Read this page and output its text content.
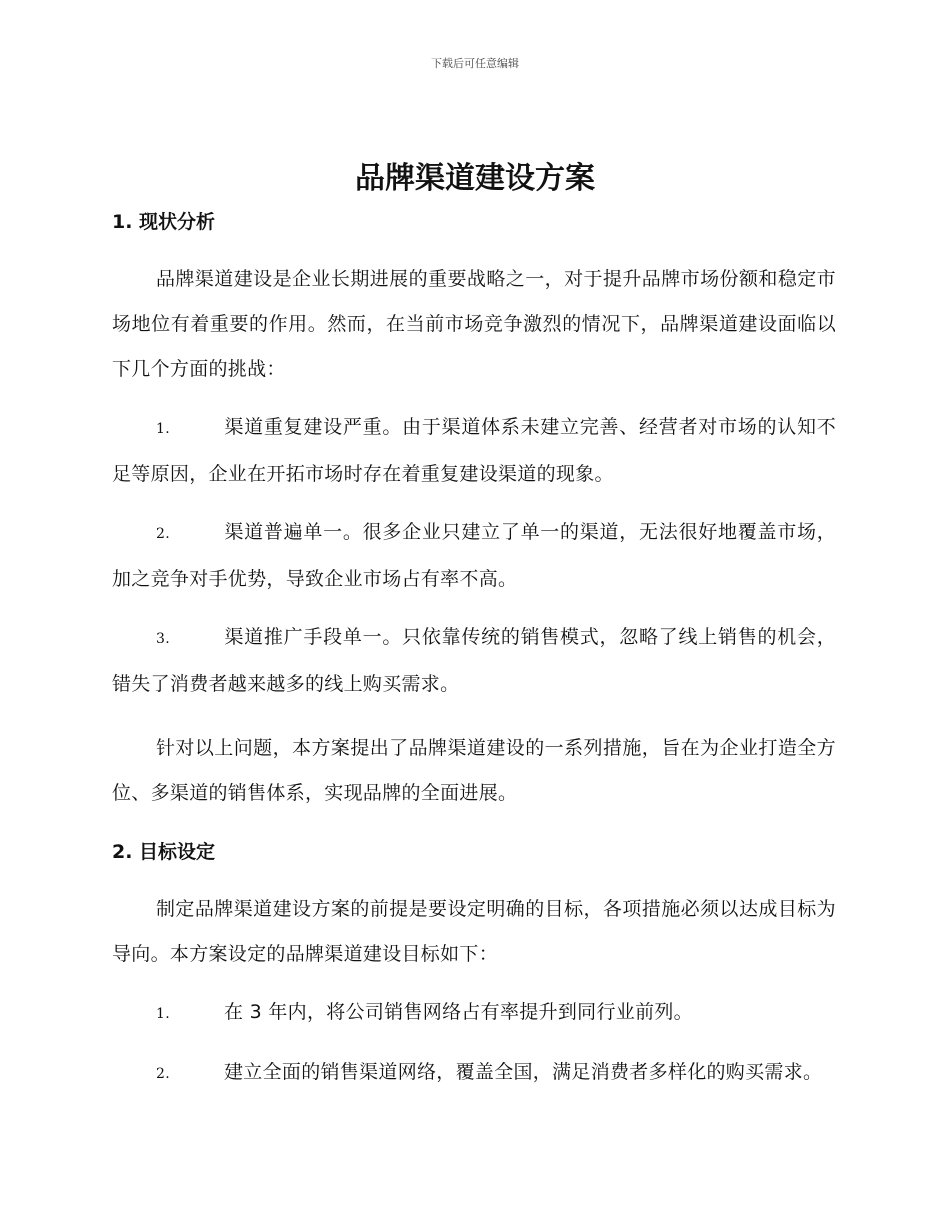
下载后可任意编辑
品牌渠道建设方案
1. 现状分析

品牌渠道建设是企业长期进展的重要战略之一，对于提升品牌市场份额和稳定市场地位有着重要的作用。然而，在当前市场竞争激烈的情况下，品牌渠道建设面临以下几个方面的挑战：

1.	渠道重复建设严重。由于渠道体系未建立完善、经营者对市场的认知不足等原因，企业在开拓市场时存在着重复建设渠道的现象。
2.	渠道普遍单一。很多企业只建立了单一的渠道，无法很好地覆盖市场，加之竞争对手优势，导致企业市场占有率不高。
3.	渠道推广手段单一。只依靠传统的销售模式，忽略了线上销售的机会，错失了消费者越来越多的线上购买需求。

针对以上问题，本方案提出了品牌渠道建设的一系列措施，旨在为企业打造全方位、多渠道的销售体系，实现品牌的全面进展。

2. 目标设定

制定品牌渠道建设方案的前提是要设定明确的目标，各项措施必须以达成目标为导向。本方案设定的品牌渠道建设目标如下：

1.	在 3 年内，将公司销售网络占有率提升到同行业前列。
2.	建立全面的销售渠道网络，覆盖全国，满足消费者多样化的购买需求。
